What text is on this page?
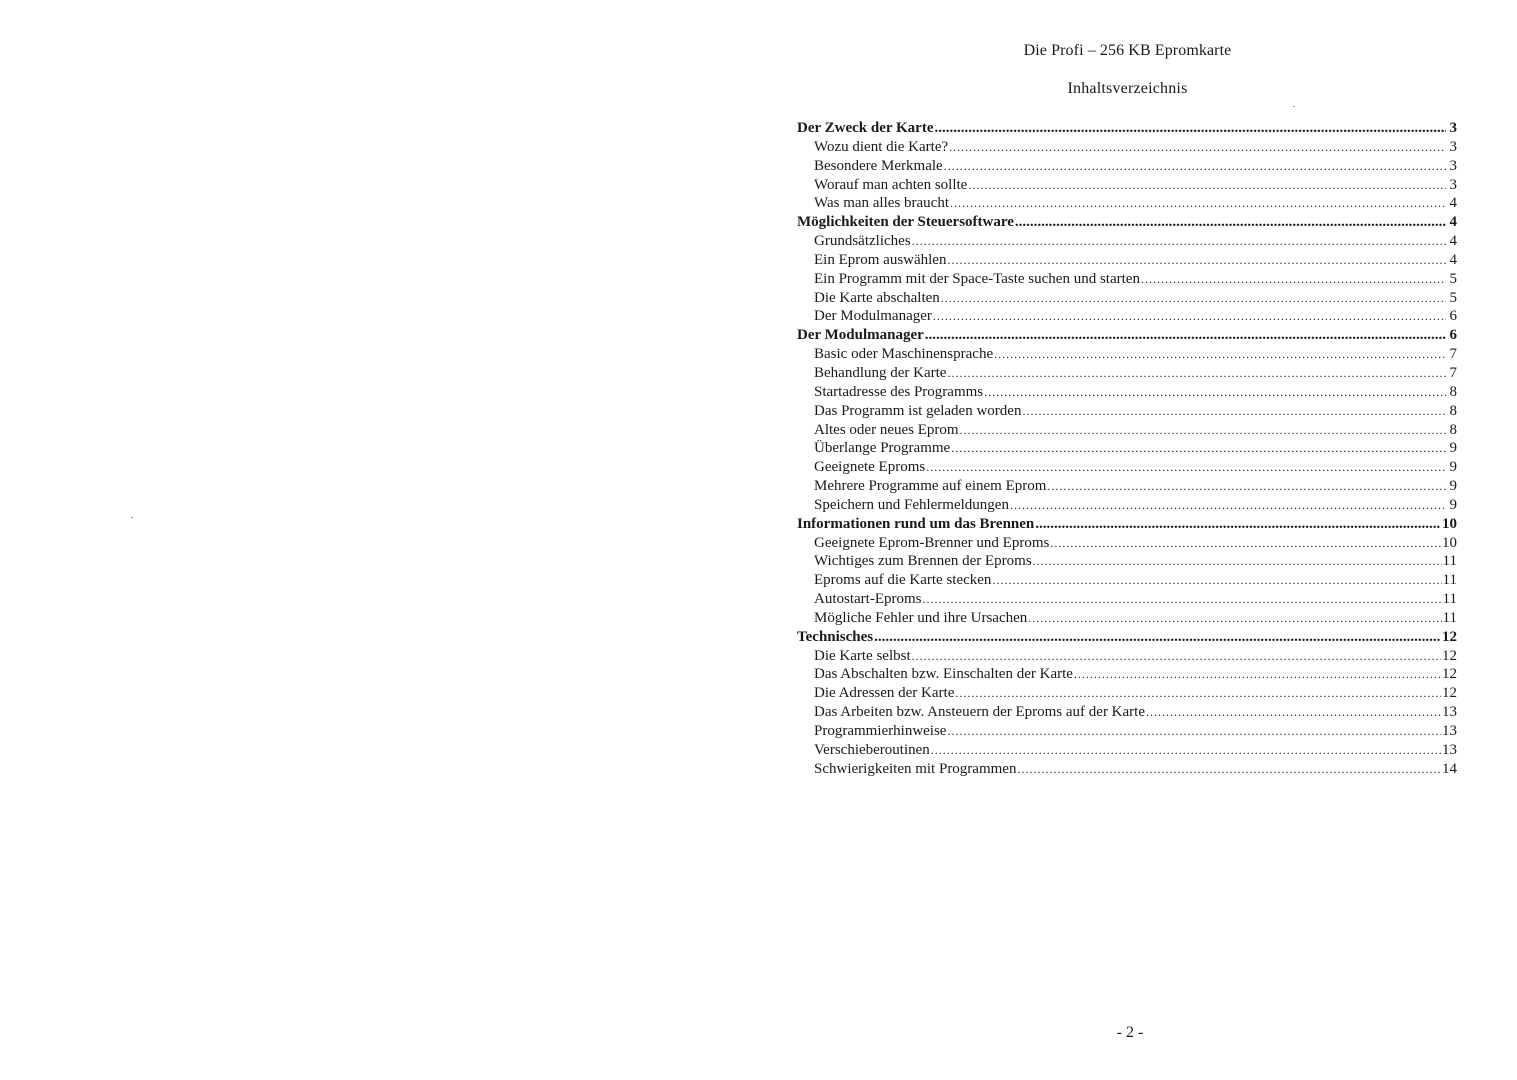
Die Profi – 256 KB Epromkarte
Inhaltsverzeichnis
Der Zweck der Karte .....	3
Wozu dient die Karte? .....	3
Besondere Merkmale .....	3
Worauf man achten sollte .....	3
Was man alles braucht .....	4
Möglichkeiten der Steuersoftware .....	4
Grundsätzliches .....	4
Ein Eprom auswählen .....	4
Ein Programm mit der Space-Taste suchen und starten .....	5
Die Karte abschalten .....	5
Der Modulmanager .....	6
Der Modulmanager .....	6
Basic oder Maschinensprache .....	7
Behandlung der Karte .....	7
Startadresse des Programms .....	8
Das Programm ist geladen worden .....	8
Altes oder neues Eprom .....	8
Überlange Programme .....	9
Geeignete Eproms .....	9
Mehrere Programme auf einem Eprom .....	9
Speichern und Fehlermeldungen .....	9
Informationen rund um das Brennen .....	10
Geeignete Eprom-Brenner und Eproms .....	10
Wichtiges zum Brennen der Eproms .....	11
Eproms auf die Karte stecken .....	11
Autostart-Eproms .....	11
Mögliche Fehler und ihre Ursachen .....	11
Technisches .....	12
Die Karte selbst .....	12
Das Abschalten bzw. Einschalten der Karte .....	12
Die Adressen der Karte .....	12
Das Arbeiten bzw. Ansteuern der Eproms auf der Karte .....	13
Programmierhinweise .....	13
Verschieberoutinen .....	13
Schwierigkeiten mit Programmen .....	14
- 2 -
